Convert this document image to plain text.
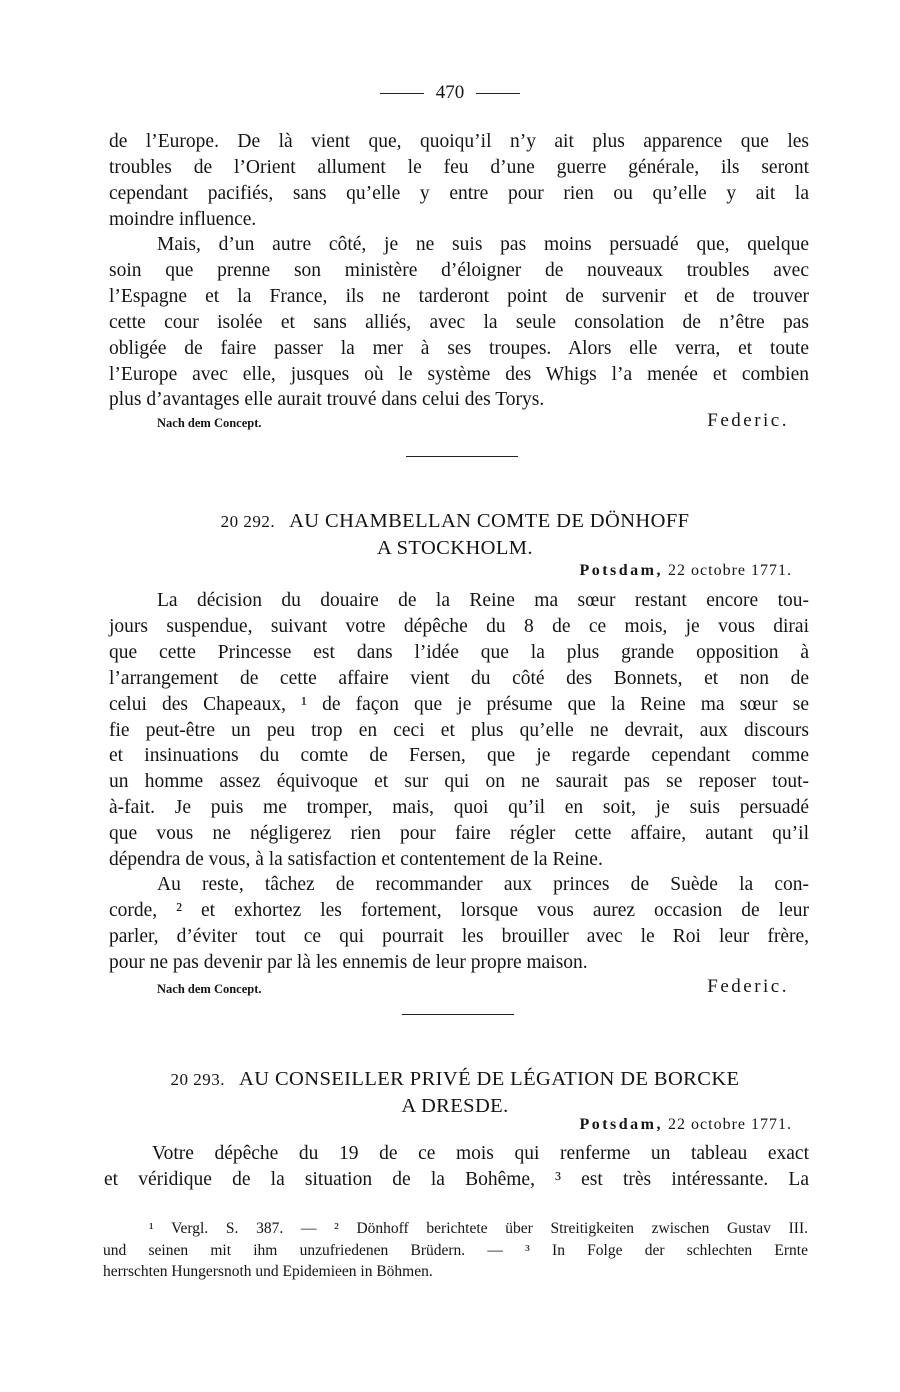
470
de l’Europe. De là vient que, quoiqu’il n’y ait plus apparence que les
troubles de l’Orient allument le feu d’une guerre générale, ils seront
cependant pacifiés, sans qu’elle y entre pour rien ou qu’elle y ait la
moindre influence.
Mais, d’un autre côté, je ne suis pas moins persuadé que, quelque
soin que prenne son ministère d’éloigner de nouveaux troubles avec
l’Espagne et la France, ils ne tarderont point de survenir et de trouver
cette cour isolée et sans alliés, avec la seule consolation de n’être pas
obligée de faire passer la mer à ses troupes. Alors elle verra, et toute
l’Europe avec elle, jusques où le système des Whigs l’a menée et combien
plus d’avantages elle aurait trouvé dans celui des Torys.
Nach dem Concept.	Federic.
20 292. AU CHAMBELLAN COMTE DE DÖNHOFF
A STOCKHOLM.
Potsdam, 22 octobre 1771.
La décision du douaire de la Reine ma sœur restant encore tou-
jours suspendue, suivant votre dépêche du 8 de ce mois, je vous dirai
que cette Princesse est dans l’idée que la plus grande opposition à
l’arrangement de cette affaire vient du côté des Bonnets, et non de
celui des Chapeaux, ¹ de façon que je présume que la Reine ma sœur se
fie peut-être un peu trop en ceci et plus qu’elle ne devrait, aux discours
et insinuations du comte de Fersen, que je regarde cependant comme
un homme assez équivoque et sur qui on ne saurait pas se reposer tout-
à-fait. Je puis me tromper, mais, quoi qu’il en soit, je suis persuadé
que vous ne négligerez rien pour faire régler cette affaire, autant qu’il
dépendra de vous, à la satisfaction et contentement de la Reine.
Au reste, tâchez de recommander aux princes de Suède la con-
corde, ² et exhortez les fortement, lorsque vous aurez occasion de leur
parler, d’éviter tout ce qui pourrait les brouiller avec le Roi leur frère,
pour ne pas devenir par là les ennemis de leur propre maison.
Nach dem Concept.	Federic.
20 293. AU CONSEILLER PRIVÉ DE LÉGATION DE BORCKE
A DRESDE.
Potsdam, 22 octobre 1771.
Votre dépêche du 19 de ce mois qui renferme un tableau exact
et véridique de la situation de la Bohême, ³ est très intéressante. La

¹ Vergl. S. 387. — ² Dönhoff berichtete über Streitigkeiten zwischen Gustav III.

und seinen mit ihm unzufriedenen Brüdern. — ³ In Folge der schlechten Ernte

herrschten Hungersnoth und Epidemieen in Böhmen.
